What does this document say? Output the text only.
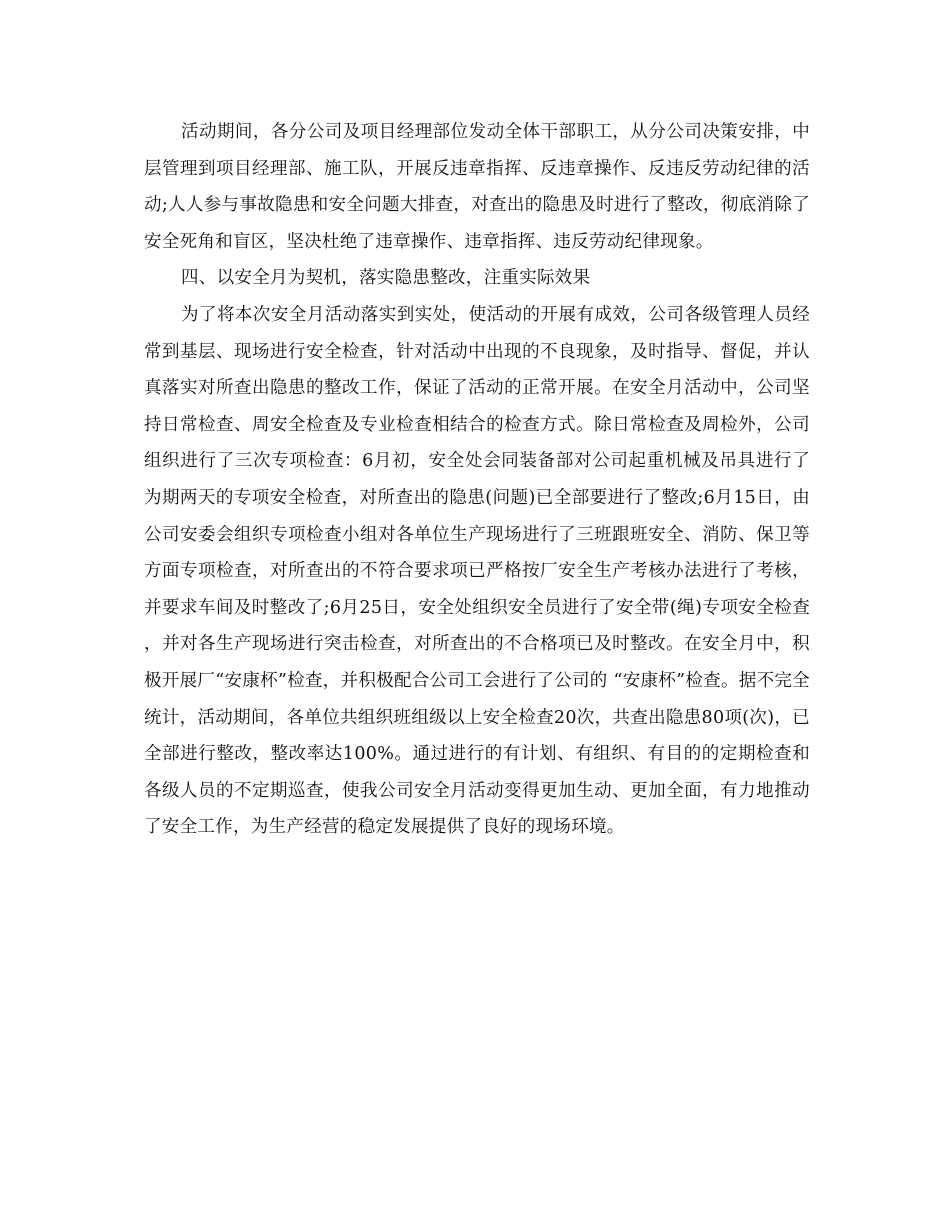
活动期间，各分公司及项目经理部位发动全体干部职工，从分公司决策安排，中层管理到项目经理部、施工队，开展反违章指挥、反违章操作、反违反劳动纪律的活动;人人参与事故隐患和安全问题大排查，对查出的隐患及时进行了整改，彻底消除了安全死角和盲区，坚决杜绝了违章操作、违章指挥、违反劳动纪律现象。

四、以安全月为契机，落实隐患整改，注重实际效果

为了将本次安全月活动落实到实处，使活动的开展有成效，公司各级管理人员经常到基层、现场进行安全检查，针对活动中出现的不良现象，及时指导、督促，并认真落实对所查出隐患的整改工作，保证了活动的正常开展。在安全月活动中，公司坚持日常检查、周安全检查及专业检查相结合的检查方式。除日常检查及周检外，公司组织进行了三次专项检查：6月初，安全处会同装备部对公司起重机械及吊具进行了为期两天的专项安全检查，对所查出的隐患(问题)已全部要进行了整改;6月15日，由公司安委会组织专项检查小组对各单位生产现场进行了三班跟班安全、消防、保卫等方面专项检查，对所查出的不符合要求项已严格按厂安全生产考核办法进行了考核，并要求车间及时整改了;6月25日，安全处组织安全员进行了安全带(绳)专项安全检查，并对各生产现场进行突击检查，对所查出的不合格项已及时整改。在安全月中，积极开展厂“安康杯”检查，并积极配合公司工会进行了公司的 “安康杯”检查。据不完全统计，活动期间，各单位共组织班组级以上安全检查20次，共查出隐患80项(次)，已全部进行整改，整改率达100%。通过进行的有计划、有组织、有目的的定期检查和各级人员的不定期巡查，使我公司安全月活动变得更加生动、更加全面，有力地推动了安全工作，为生产经营的稳定发展提供了良好的现场环境。
